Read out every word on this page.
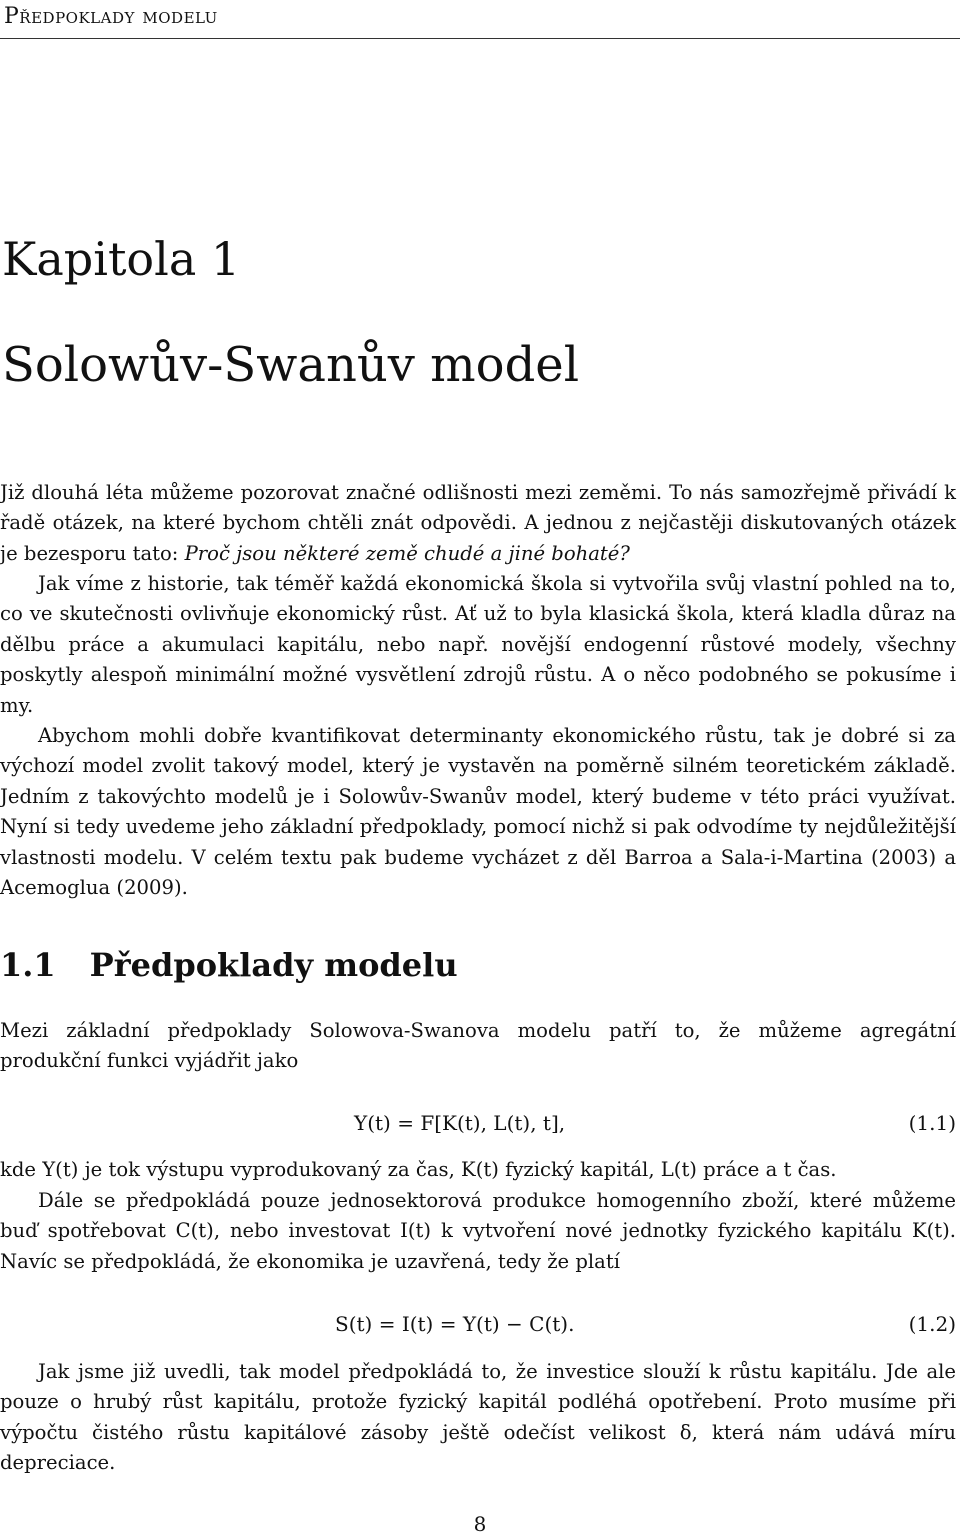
Předpoklady modelu
Kapitola 1
Solowův-Swanův model

Již dlouhá léta můžeme pozorovat značné odlišnosti mezi zeměmi. To nás samozřejmě přivádí k řadě otázek, na které bychom chtěli znát odpovědi. A jednou z nejčastěji diskutovaných otázek je bezesporu tato: Proč jsou některé země chudé a jiné bohaté?

Jak víme z historie, tak téměř každá ekonomická škola si vytvořila svůj vlastní pohled na to, co ve skutečnosti ovlivňuje ekonomický růst. Ať už to byla klasická škola, která kladla důraz na dělbu práce a akumulaci kapitálu, nebo např. novější endogenní růstové modely, všechny poskytly alespoň minimální možné vysvětlení zdrojů růstu. A o něco podobného se pokusíme i my.

Abychom mohli dobře kvantifikovat determinanty ekonomického růstu, tak je dobré si za výchozí model zvolit takový model, který je vystavěn na poměrně silném teoretickém základě. Jedním z takovýchto modelů je i Solowův-Swanův model, který budeme v této práci využívat. Nyní si tedy uvedeme jeho základní předpoklady, pomocí nichž si pak odvodíme ty nejdůležitější vlastnosti modelu. V celém textu pak budeme vycházet z děl Barroa a Sala-i-Martina (2003) a Acemoglua (2009).

1.1 Předpoklady modelu

Mezi základní předpoklady Solowova-Swanova modelu patří to, že můžeme agregátní produkční funkci vyjádřit jako

Y(t) = F[K(t), L(t), t],	(1.1)

kde Y(t) je tok výstupu vyprodukovaný za čas, K(t) fyzický kapitál, L(t) práce a t čas.

Dále se předpokládá pouze jednosektorová produkce homogenního zboží, které můžeme buď spotřebovat C(t), nebo investovat I(t) k vytvoření nové jednotky fyzického kapitálu K(t). Navíc se předpokládá, že ekonomika je uzavřená, tedy že platí

S(t) = I(t) = Y(t) − C(t).	(1.2)

Jak jsme již uvedli, tak model předpokládá to, že investice slouží k růstu kapitálu. Jde ale pouze o hrubý růst kapitálu, protože fyzický kapitál podléhá opotřebení. Proto musíme při výpočtu čistého růstu kapitálové zásoby ještě odečíst velikost δ, která nám udává míru depreciace.

8
